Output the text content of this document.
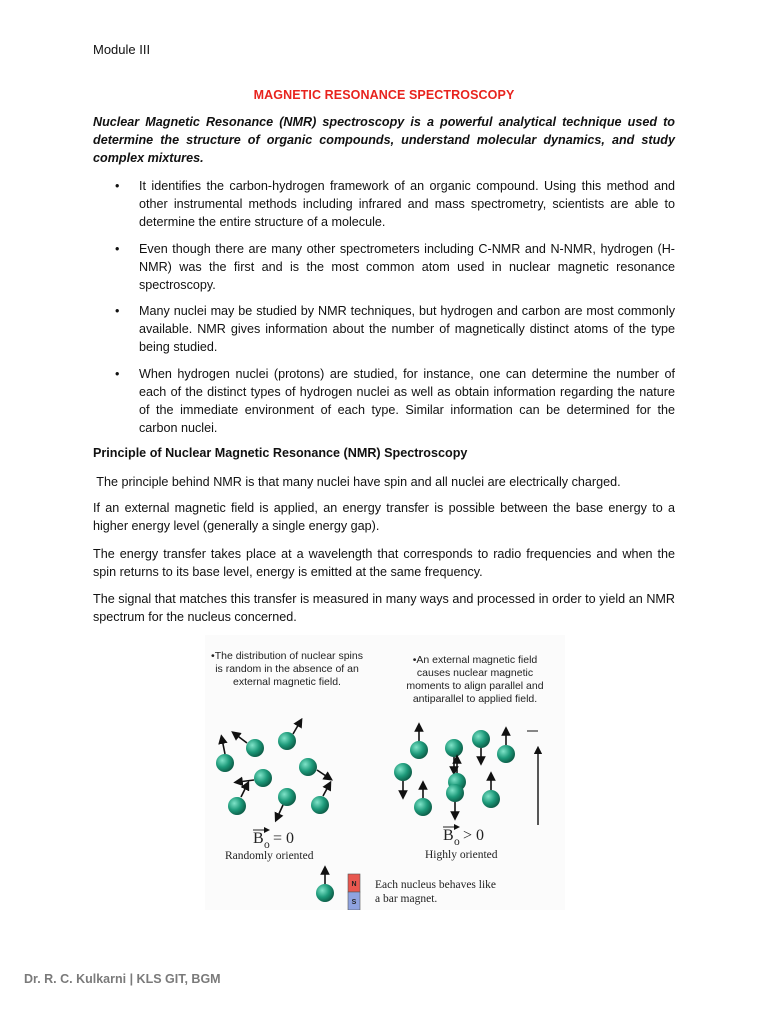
Module III
MAGNETIC RESONANCE SPECTROSCOPY
Nuclear Magnetic Resonance (NMR) spectroscopy is a powerful analytical technique used to determine the structure of organic compounds, understand molecular dynamics, and study complex mixtures.
• It identifies the carbon-hydrogen framework of an organic compound. Using this method and other instrumental methods including infrared and mass spectrometry, scientists are able to determine the entire structure of a molecule.
• Even though there are many other spectrometers including C-NMR and N-NMR, hydrogen (H-NMR) was the first and is the most common atom used in nuclear magnetic resonance spectroscopy.
• Many nuclei may be studied by NMR techniques, but hydrogen and carbon are most commonly available. NMR gives information about the number of magnetically distinct atoms of the type being studied.
• When hydrogen nuclei (protons) are studied, for instance, one can determine the number of each of the distinct types of hydrogen nuclei as well as obtain information regarding the nature of the immediate environment of each type. Similar information can be determined for the carbon nuclei.
Principle of Nuclear Magnetic Resonance (NMR) Spectroscopy
The principle behind NMR is that many nuclei have spin and all nuclei are electrically charged.
If an external magnetic field is applied, an energy transfer is possible between the base energy to a higher energy level (generally a single energy gap).
The energy transfer takes place at a wavelength that corresponds to radio frequencies and when the spin returns to its base level, energy is emitted at the same frequency.
The signal that matches this transfer is measured in many ways and processed in order to yield an NMR spectrum for the nucleus concerned.
•The distribution of nuclear spins
is random in the absence of an
external magnetic field.
•An external magnetic field
causes nuclear magnetic
moments to align parallel and
antiparallel to applied field.
B o = 0
Randomly oriented
B o > 0
Highly oriented
N
S
Each nucleus behaves like
a bar magnet.
Dr. R. C. Kulkarni | KLS GIT, BGM
